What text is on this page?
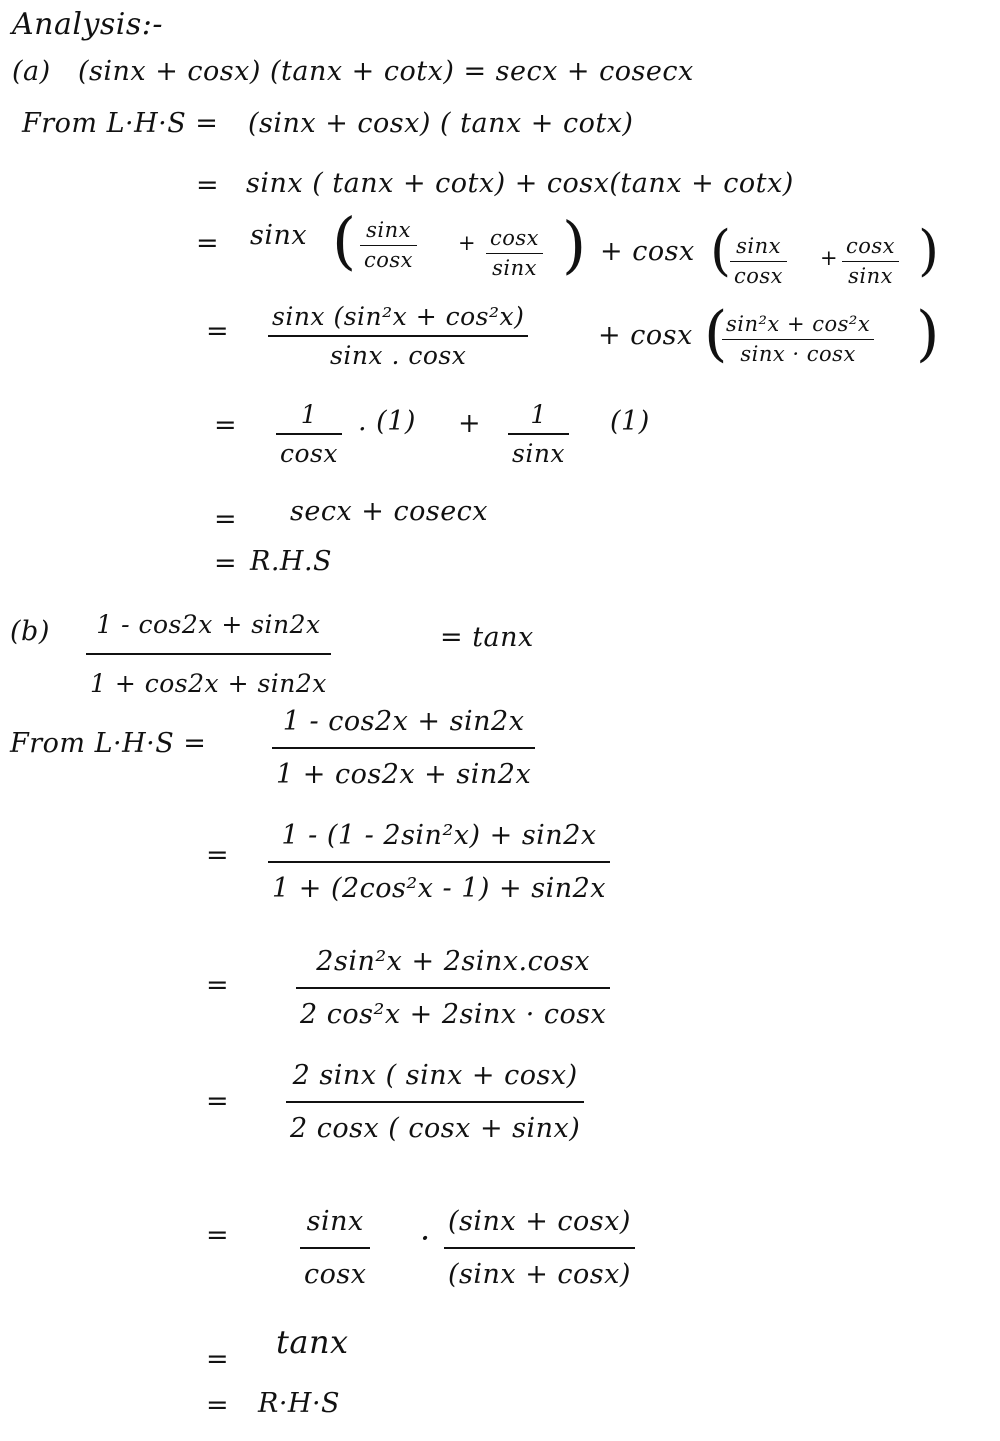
Analysis:-
(a) (sinx + cosx) (tanx + cotx) = secx + cosecx
From L·H·S = (sinx + cosx) ( tanx + cotx)
= sinx ( tanx + cotx) + cosx(tanx + cotx)
= sinx ( sinx
cosx
+ cosx
sinx ) + cosx ( sinx
cosx
+ cosx
sinx )
= sinx (sin²x + cos²x)
sinx . cosx
+ cosx (
sin²x + cos²x
sinx · cosx )
=	1
cosx
. (1) + 1
sinx
(1)
= secx + cosecx
= R.H.S
(b) 1 - cos2x + sin2x
1 + cos2x + sin2x
= tanx
From L·H·S =
1 - cos2x + sin2x
1 + cos2x + sin2x
=
1 - (1 - 2sin²x) + sin2x
1 + (2cos²x - 1) + sin2x
=
2sin²x + 2sinx.cosx
2 cos²x + 2sinx · cosx
=
2 sinx ( sinx + cosx)
2 cosx ( cosx + sinx)
=	sinx
cosx
· (sinx + cosx)
(sinx + cosx)
= tanx
= R·H·S
